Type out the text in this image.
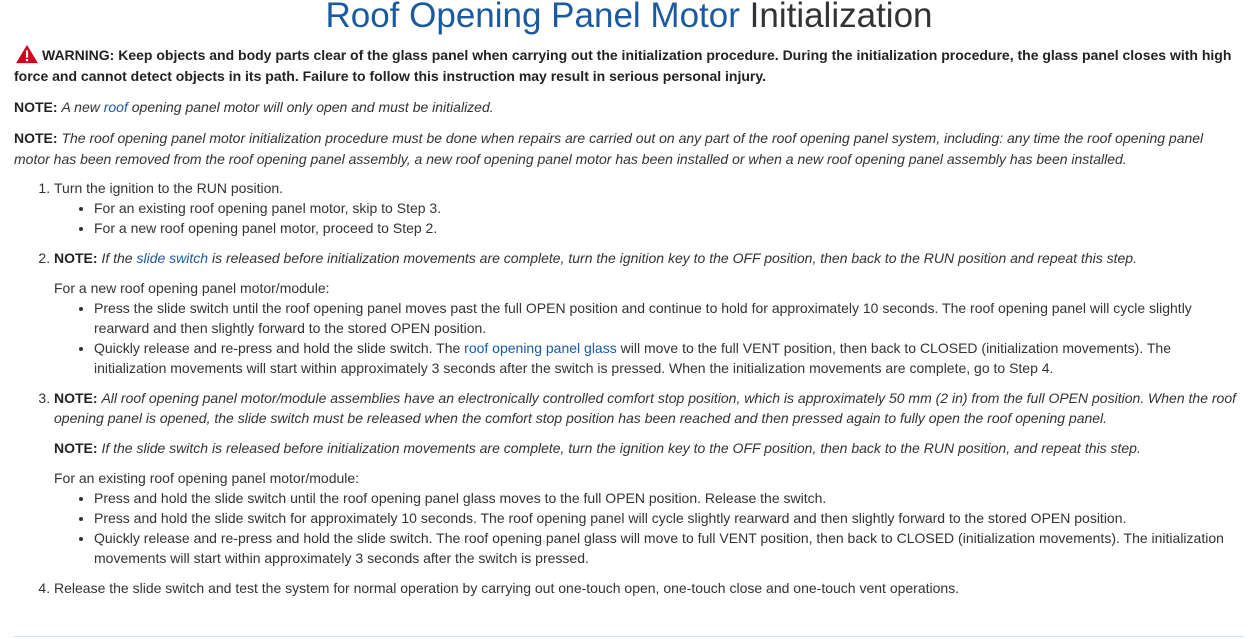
Roof Opening Panel Motor Initialization

WARNING: Keep objects and body parts clear of the glass panel when carrying out the initialization procedure. During the initialization procedure, the glass panel closes with high force and cannot detect objects in its path. Failure to follow this instruction may result in serious personal injury.

NOTE: A new roof opening panel motor will only open and must be initialized.

NOTE: The roof opening panel motor initialization procedure must be done when repairs are carried out on any part of the roof opening panel system, including: any time the roof opening panel motor has been removed from the roof opening panel assembly, a new roof opening panel motor has been installed or when a new roof opening panel assembly has been installed.

1. Turn the ignition to the RUN position.
• For an existing roof opening panel motor, skip to Step 3.
• For a new roof opening panel motor, proceed to Step 2.
2. NOTE: If the slide switch is released before initialization movements are complete, turn the ignition key to the OFF position, then back to the RUN position and repeat this step.
For a new roof opening panel motor/module:
• Press the slide switch until the roof opening panel moves past the full OPEN position and continue to hold for approximately 10 seconds. The roof opening panel will cycle slightly rearward and then slightly forward to the stored OPEN position.
• Quickly release and re-press and hold the slide switch. The roof opening panel glass will move to the full VENT position, then back to CLOSED (initialization movements). The initialization movements will start within approximately 3 seconds after the switch is pressed. When the initialization movements are complete, go to Step 4.
3. NOTE: All roof opening panel motor/module assemblies have an electronically controlled comfort stop position, which is approximately 50 mm (2 in) from the full OPEN position. When the roof opening panel is opened, the slide switch must be released when the comfort stop position has been reached and then pressed again to fully open the roof opening panel.
NOTE: If the slide switch is released before initialization movements are complete, turn the ignition key to the OFF position, then back to the RUN position, and repeat this step.
For an existing roof opening panel motor/module:
• Press and hold the slide switch until the roof opening panel glass moves to the full OPEN position. Release the switch.
• Press and hold the slide switch for approximately 10 seconds. The roof opening panel will cycle slightly rearward and then slightly forward to the stored OPEN position.
• Quickly release and re-press and hold the slide switch. The roof opening panel glass will move to full VENT position, then back to CLOSED (initialization movements). The initialization movements will start within approximately 3 seconds after the switch is pressed.
4. Release the slide switch and test the system for normal operation by carrying out one-touch open, one-touch close and one-touch vent operations.
